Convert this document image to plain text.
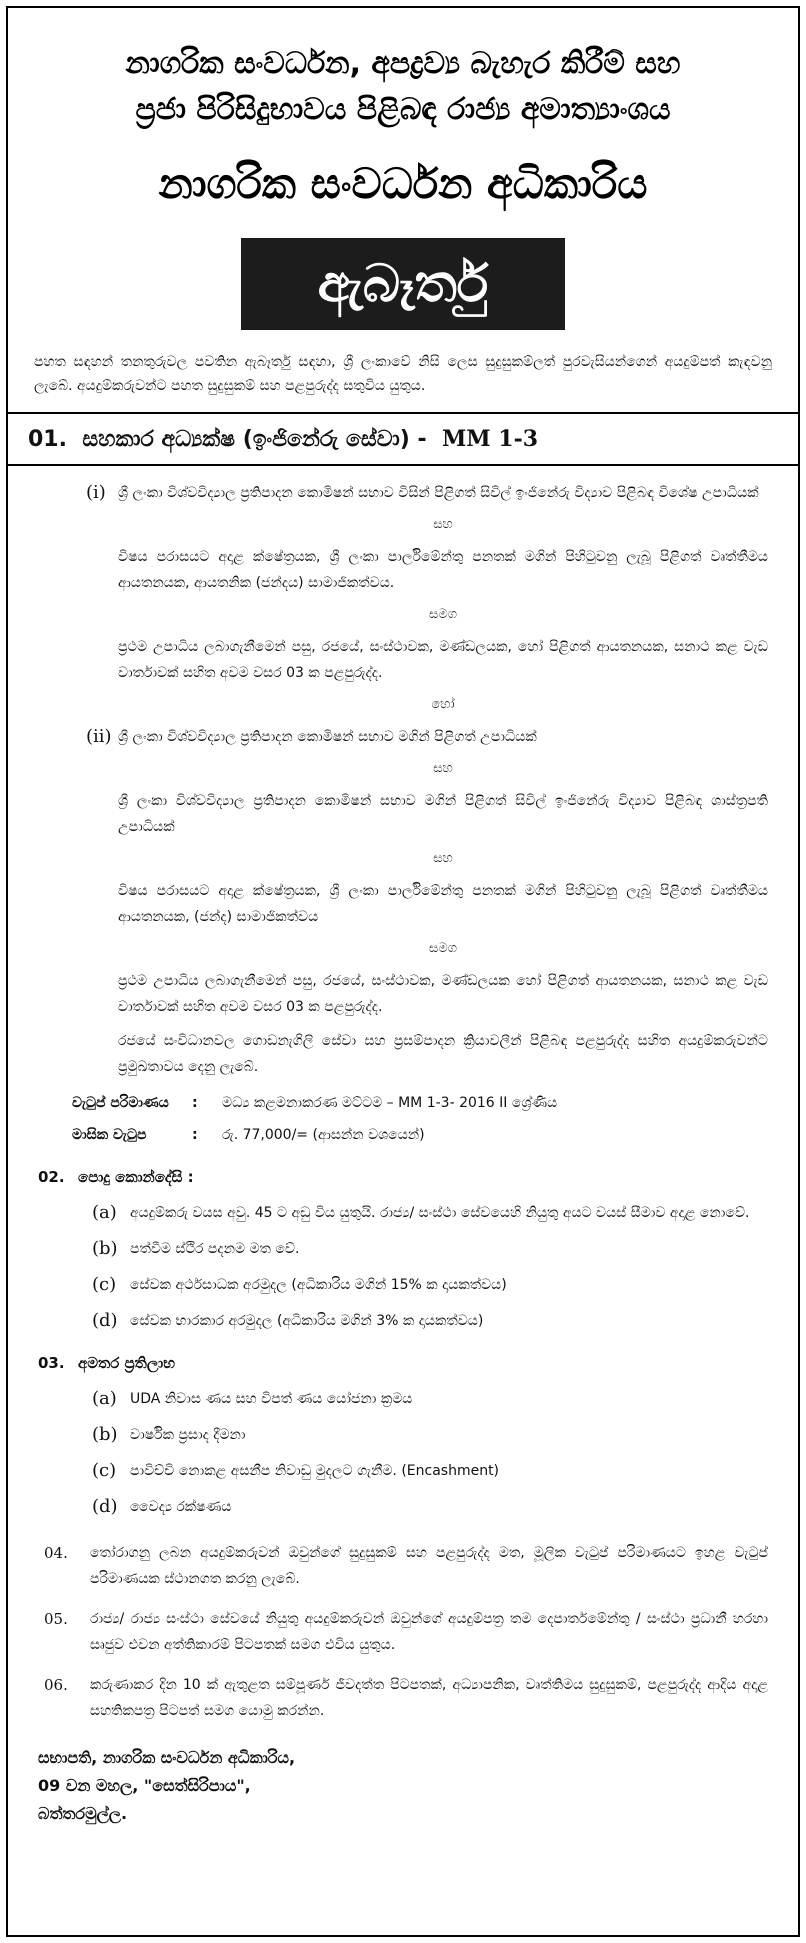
නාගරික සංවර්ධන, අපද්‍රව්‍ය බැහැර කිරීම් සහ
ප්‍රජා පිරිසිදුභාවය පිළිබඳ රාජ්‍ය අමාත්‍යාංශය
නාගරික සංවර්ධන අධිකාරිය
ඇබෑර්තු
පහත සඳහන් තනතුරුවල පවතින ඇබෑර්තු සඳහා, ශ්‍රී ලංකාවේ නිසි ලෙස සුදුසුකම්ලත් පුරවැසියන්ගෙන් අයදුම්පත් කැඳවනු ලැබේ. අයදුම්කරුවන්ට පහත සුදුසුකම් සහ පළපුරුද්ද සතුවිය යුතුය.
01. සහකාර අධ්‍යක්ෂ (ඉංජිනේරු සේවා) - MM 1-3
(i) ශ්‍රී ලංකා විශ්වවිද්‍යාල ප්‍රතිපාදන කොමිෂන් සභාව විසින් පිළිගත් සිවිල් ඉංජිනේරු විද්‍යාව පිළිබඳ විශේෂ උපාධියක්
සහ
විෂය පරාසයට අදාළ ක්ෂේත්‍රයක, ශ්‍රී ලංකා පාර්ලිමේන්තු පනතක් මගින් පිහිටුවනු ලැබූ පිළිගත් වෘත්තීමය ආයතනයක, ආයතනික (ජන්දය) සාමාජිකත්වය.
සමග
ප්‍රථම උපාධිය ලබාගැනීමෙන් පසු, රජයේ, සංස්ථාවක, මණ්ඩලයක, හෝ පිළිගත් ආයතනයක, සනාථ කළ වැඩ වාර්තාවක් සහිත අවම වසර 03 ක පළපුරුද්ද.
හෝ
(ii) ශ්‍රී ලංකා විශ්වවිද්‍යාල ප්‍රතිපාදන කොමිෂන් සභාව මගින් පිළිගත් උපාධියක්
සහ
ශ්‍රී ලංකා විශ්වවිද්‍යාල ප්‍රතිපාදන කොමිෂන් සභාව මගින් පිළිගත් සිවිල් ඉංජිනේරු විද්‍යාව පිළිබඳ ශාස්ත්‍රපති උපාධියක්
සහ
විෂය පරාසයට අදාළ ක්ෂේත්‍රයක, ශ්‍රී ලංකා පාර්ලිමේන්තු පනතක් මගින් පිහිටුවනු ලැබූ පිළිගත් වෘත්තීමය ආයතනයක, (ජන්ද) සාමාජිකත්වය
සමග
ප්‍රථම උපාධිය ලබාගැනීමෙන් පසු, රජයේ, සංස්ථාවක, මණ්ඩලයක හෝ පිළිගත් ආයතනයක, සනාථ කළ වැඩ වාර්තාවක් සහිත අවම වසර 03 ක පළපුරුද්ද.
රජයේ සංවිධානවල ගොඩනැගිලි සේවා සහ ප්‍රසම්පාදන ක්‍රියාවලීන් පිළිබඳ පළපුරුද්ද සහිත අයදුම්කරුවන්ට ප්‍රමුඛතාවය දෙනු ලැබේ.
වැටුප් පරිමාණය : මධ්‍ය කළමනාකරණ මට්ටම – MM 1-3- 2016 II ශ්‍රේණිය
මාසික වැටුප	: රු. 77,000/= (ආසන්න වශයෙන්)
02. පොදු කොන්දේසි :
(a) අයදුම්කරු වයස අවු. 45 ට අඩු විය යුතුයි. රාජ්‍ය/ සංස්ථා සේවයෙහි නියුතු අයට වයස් සීමාව අදාළ නොවේ.
(b) පත්වීම ස්ථිර පදනම මත වේ.
(c) සේවක අර්ථසාධක අරමුදල (අධිකාරිය මගින් 15% ක දායකත්වය)
(d) සේවක භාරකාර අරමුදල (අධිකාරිය මගින් 3% ක දායකත්වය)
03. අමතර ප්‍රතිලාභ
(a) UDA නිවාස ණය සහ විපත් ණය යෝජනා ක්‍රමය
(b) වාර්ෂික ප්‍රසාද දීමනා
(c) පාවිච්චි නොකළ අසනීප නිවාඩු මුදලට ගැනීම. (Encashment)
(d) වෛද්‍ය රක්ෂණය
04. තෝරාගනු ලබන අයදුම්කරුවන් ඔවුන්ගේ සුදුසුකම් සහ පළපුරුද්ද මත, මූලික වැටුප් පරිමාණයට ඉහළ වැටුප් පරිමාණයක ස්ථානගත කරනු ලැබේ.
05. රාජ්‍ය/ රාජ්‍ය සංස්ථා සේවයේ නියුතු අයදුම්කරුවන් ඔවුන්ගේ අයදුම්පත්‍ර තම දෙපාර්තමේන්තු / සංස්ථා ප්‍රධානී හරහා සෘජුව එවන අත්තිකාරම් පිටපතක් සමග එවිය යුතුය.
06. කරුණාකර දින 10 ක් ඇතුළත සම්පූර්ණ ජීවදත්ත පිටපතක්, අධ්‍යාපනික, වෘත්තිමය සුදුසුකම්, පළපුරුද්ද ආදිය අදාළ සහතිකපත්‍ර පිටපත් සමග යොමු කරන්න.
සභාපති, නාගරික සංවර්ධන අධිකාරිය,
09 වන මහල, "සෙත්සිරිපාය",
බත්තරමුල්ල.
